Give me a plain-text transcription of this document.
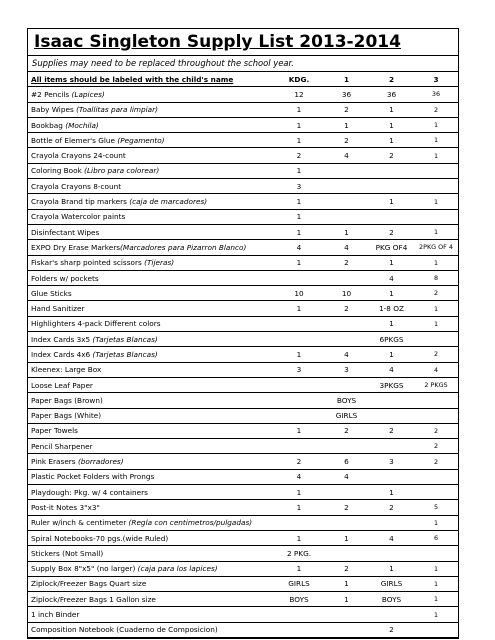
Isaac Singleton Supply List 2013-2014
Supplies may need to be replaced throughout the school year.
All items should be labeled with the child's name	KDG.	1	2	3
#2 Pencils (Lapices)	12	36	36	36
Baby Wipes (Toallitas para limpiar)	1	2	1	2
Bookbag (Mochila)	1	1	1	1
Bottle of Elemer's Glue (Pegamento)	1	2	1	1
Crayola Crayons 24-count	2	4	2	1
Coloring Book (Libro para colorear)	1			
Crayola Crayons 8-count	3			
Crayola Brand tip markers (caja de marcadores)	1		1	1
Crayola Watercolor paints	1			
Disinfectant Wipes	1	1	2	1
EXPO Dry Erase Markers(Marcadores para Pizarron Blanco)	4	4	PKG OF4	2PKG OF 4
Fiskar's sharp pointed scissors (Tijeras)	1	2	1	1
Folders w/ pockets			4	8
Glue Sticks	10	10	1	2
Hand Sanitizer	1	2	1-8 OZ	1
Highlighters 4-pack Different colors			1	1
Index Cards 3x5 (Tarjetas Blancas)			6PKGS	
Index Cards 4x6 (Tarjetas Blancas)	1	4	1	2
Kleenex: Large Box	3	3	4	4
Loose Leaf Paper			3PKGS	2 PKGS
Paper Bags (Brown)		BOYS		
Paper Bags (White)		GIRLS		
Paper Towels	1	2	2	2
Pencil Sharpener				2
Pink Erasers (borradores)	2	6	3	2
Plastic Pocket Folders with Prongs	4	4		
Playdough: Pkg. w/ 4 containers	1		1	
Post-it Notes 3"x3"	1	2	2	5
Ruler w/inch & centimeter (Regla con centimetros/pulgadas)				1
Spiral Notebooks-70 pgs.(wide Ruled)	1	1	4	6
Stickers (Not Small)	2 PKG.			
Supply Box 8"x5" (no larger) (caja para los lapices)	1	2	1	1
Ziplock/Freezer Bags Quart size	GIRLS	1	GIRLS	1
Ziplock/Freezer Bags 1 Gallon size	BOYS	1	BOYS	1
1 inch Binder				1
Composition Notebook (Cuaderno de Composicion)			2	
